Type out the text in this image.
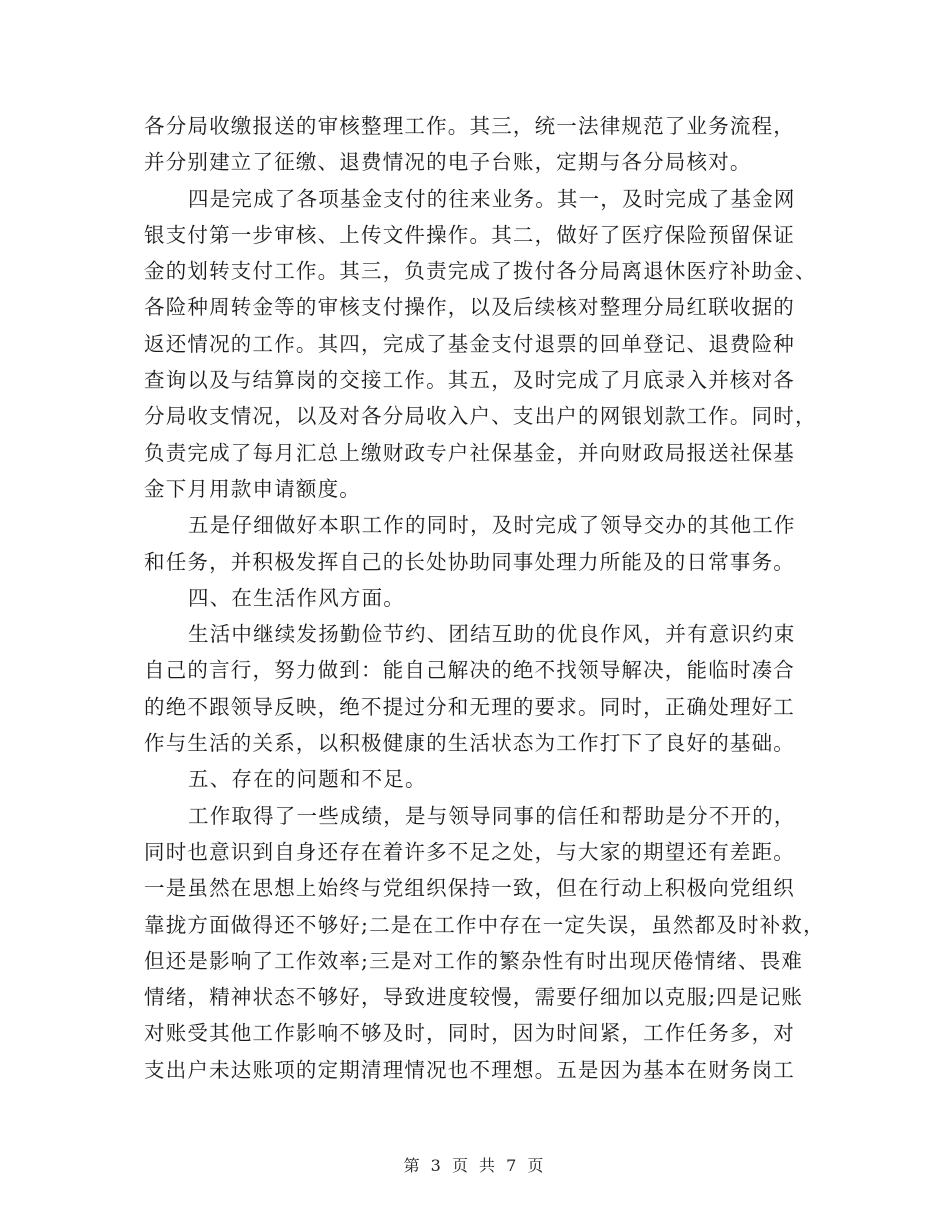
各分局收缴报送的审核整理工作。其三，统一法律规范了业务流程，
并分别建立了征缴、退费情况的电子台账，定期与各分局核对。
四是完成了各项基金支付的往来业务。其一，及时完成了基金网
银支付第一步审核、上传文件操作。其二，做好了医疗保险预留保证
金的划转支付工作。其三，负责完成了拨付各分局离退休医疗补助金、
各险种周转金等的审核支付操作，以及后续核对整理分局红联收据的
返还情况的工作。其四，完成了基金支付退票的回单登记、退费险种
查询以及与结算岗的交接工作。其五，及时完成了月底录入并核对各
分局收支情况，以及对各分局收入户、支出户的网银划款工作。同时，
负责完成了每月汇总上缴财政专户社保基金，并向财政局报送社保基
金下月用款申请额度。
五是仔细做好本职工作的同时，及时完成了领导交办的其他工作
和任务，并积极发挥自己的长处协助同事处理力所能及的日常事务。
四、在生活作风方面。
生活中继续发扬勤俭节约、团结互助的优良作风，并有意识约束
自己的言行，努力做到：能自己解决的绝不找领导解决，能临时凑合
的绝不跟领导反映，绝不提过分和无理的要求。同时，正确处理好工
作与生活的关系，以积极健康的生活状态为工作打下了良好的基础。
五、存在的问题和不足。
工作取得了一些成绩，是与领导同事的信任和帮助是分不开的，
同时也意识到自身还存在着许多不足之处，与大家的期望还有差距。
一是虽然在思想上始终与党组织保持一致，但在行动上积极向党组织
靠拢方面做得还不够好;二是在工作中存在一定失误，虽然都及时补救，
但还是影响了工作效率;三是对工作的繁杂性有时出现厌倦情绪、畏难
情绪，精神状态不够好，导致进度较慢，需要仔细加以克服;四是记账
对账受其他工作影响不够及时，同时，因为时间紧，工作任务多，对
支出户未达账项的定期清理情况也不理想。五是因为基本在财务岗工
第 3 页 共 7 页
